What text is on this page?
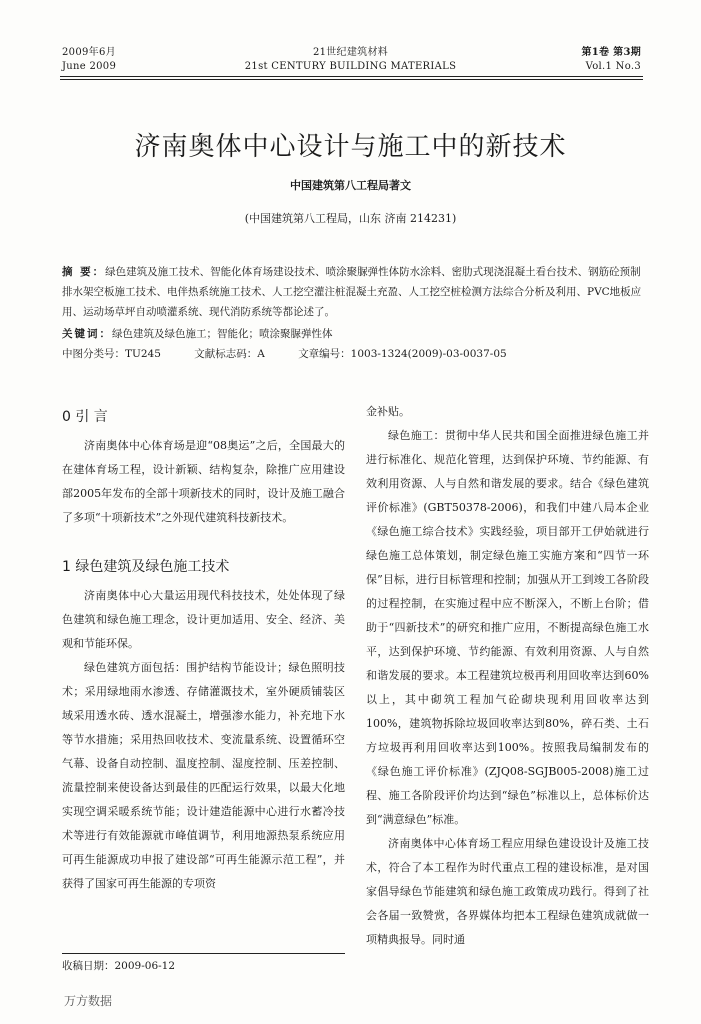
2009年6月
June 2009
21世纪建筑材料
21st CENTURY BUILDING MATERIALS
第1卷 第3期
Vol.1 No.3
济南奥体中心设计与施工中的新技术
中国建筑第八工程局著文
(中国建筑第八工程局，山东 济南 214231)
摘 要：绿色建筑及施工技术、智能化体育场建设技术、喷涂聚脲弹性体防水涂料、密肋式现浇混凝土看台技术、钢筋砼预制排水架空板施工技术、电伴热系统施工技术、人工挖空灌注桩混凝土充盈、人工挖空桩检测方法综合分析及利用、PVC地板应用、运动场草坪自动喷灌系统、现代消防系统等都论述了。
关键词：绿色建筑及绿色施工；智能化；喷涂聚脲弹性体
中图分类号：TU245	文献标志码：A	文章编号：1003-1324(2009)-03-0037-05
0 引 言

济南奥体中心体育场是迎“08奥运”之后，全国最大的在建体育场工程，设计新颖、结构复杂，除推广应用建设部2005年发布的全部十项新技术的同时，设计及施工融合了多项“十项新技术”之外现代建筑科技新技术。

1 绿色建筑及绿色施工技术

济南奥体中心大量运用现代科技技术，处处体现了绿色建筑和绿色施工理念，设计更加适用、安全、经济、美观和节能环保。

绿色建筑方面包括：围护结构节能设计；绿色照明技术；采用绿地雨水渗透、存储灌溉技术，室外硬质铺装区域采用透水砖、透水混凝土，增强渗水能力，补充地下水等节水措施；采用热回收技术、变流量系统、设置循环空气幕、设备自动控制、温度控制、湿度控制、压差控制、流量控制来使设备达到最佳的匹配运行效果，以最大化地实现空调采暖系统节能；设计建造能源中心进行水蓄冷技术等进行有效能源就市峰值调节，利用地源热泵系统应用可再生能源成功申报了建设部“可再生能源示范工程”，并获得了国家可再生能源的专项资

金补贴。

绿色施工：贯彻中华人民共和国全面推进绿色施工并进行标准化、规范化管理，达到保护环境、节约能源、有效利用资源、人与自然和谐发展的要求。结合《绿色建筑评价标准》(GBT50378-2006)，和我们中建八局本企业《绿色施工综合技术》实践经验，项目部开工伊始就进行绿色施工总体策划，制定绿色施工实施方案和“四节一环保”目标，进行目标管理和控制；加强从开工到竣工各阶段的过程控制，在实施过程中应不断深入，不断上台阶；借助于“四新技术”的研究和推广应用，不断提高绿色施工水平，达到保护环境、节约能源、有效利用资源、人与自然和谐发展的要求。本工程建筑垃极再利用回收率达到60%以上，其中砌筑工程加气砼砌块现利用回收率达到100%，建筑物拆除垃圾回收率达到80%，碎石类、土石方垃圾再利用回收率达到100%。按照我局编制发布的《绿色施工评价标准》(ZJQ08-SGJB005-2008)施工过程、施工各阶段评价均达到“绿色”标准以上，总体标价达到“满意绿色”标准。

济南奥体中心体育场工程应用绿色建设设计及施工技术，符合了本工程作为时代重点工程的建设标准，是对国家倡导绿色节能建筑和绿色施工政策成功践行。得到了社会各届一致赞赏，各界媒体均把本工程绿色建筑成就做一项精典报导。同时通

收稿日期：2009-06-12
万方数据
